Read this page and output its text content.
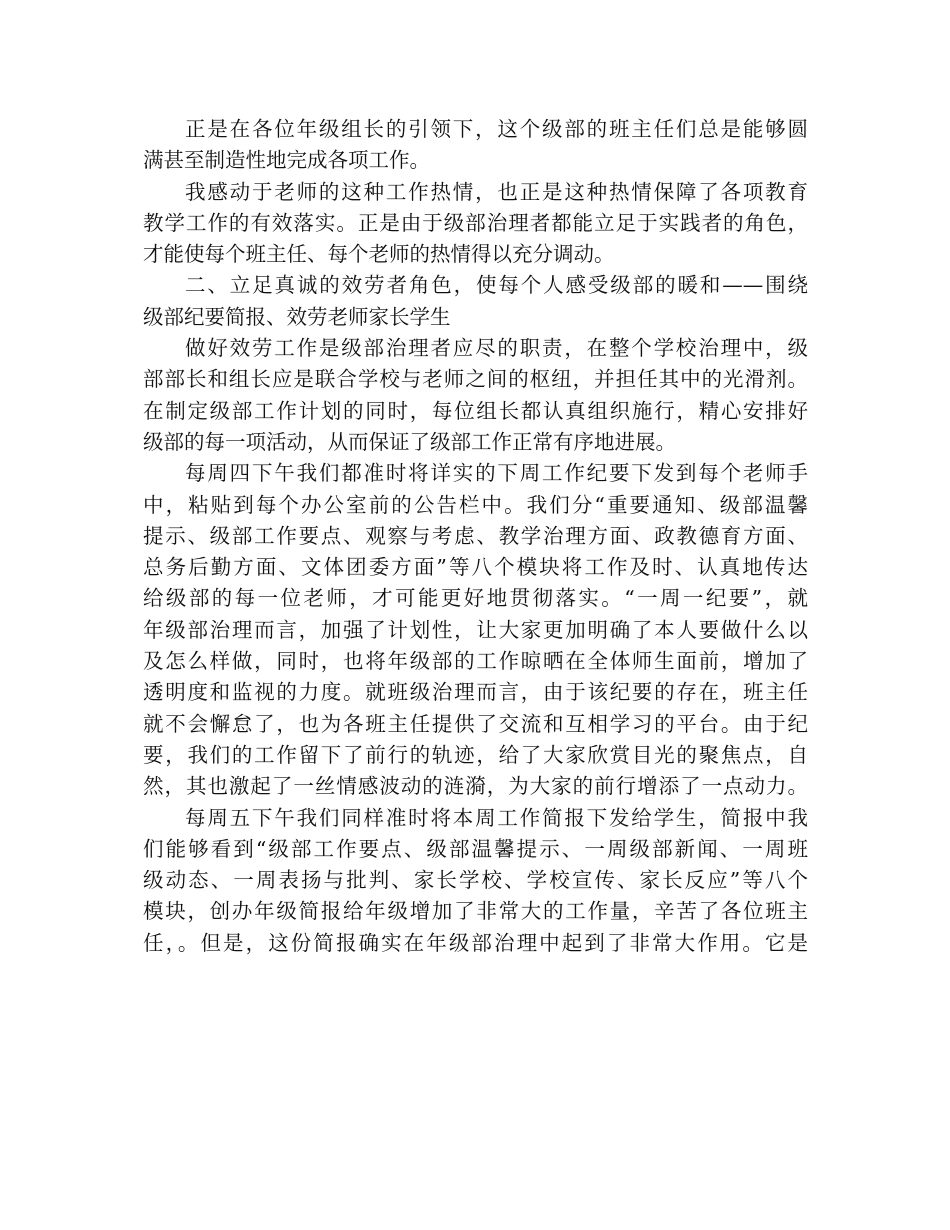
正是在各位年级组长的引领下，这个级部的班主任们总是能够圆
满甚至制造性地完成各项工作。
我感动于老师的这种工作热情，也正是这种热情保障了各项教育
教学工作的有效落实。正是由于级部治理者都能立足于实践者的角色，
才能使每个班主任、每个老师的热情得以充分调动。
二、立足真诚的效劳者角色，使每个人感受级部的暖和——围绕
级部纪要简报、效劳老师家长学生
做好效劳工作是级部治理者应尽的职责，在整个学校治理中，级
部部长和组长应是联合学校与老师之间的枢纽，并担任其中的光滑剂。
在制定级部工作计划的同时，每位组长都认真组织施行，精心安排好
级部的每一项活动，从而保证了级部工作正常有序地进展。
每周四下午我们都准时将详实的下周工作纪要下发到每个老师手
中，粘贴到每个办公室前的公告栏中。我们分“重要通知、级部温馨
提示、级部工作要点、观察与考虑、教学治理方面、政教德育方面、
总务后勤方面、文体团委方面”等八个模块将工作及时、认真地传达
给级部的每一位老师，才可能更好地贯彻落实。“一周一纪要”，就
年级部治理而言，加强了计划性，让大家更加明确了本人要做什么以
及怎么样做，同时，也将年级部的工作晾晒在全体师生面前，增加了
透明度和监视的力度。就班级治理而言，由于该纪要的存在，班主任
就不会懈怠了，也为各班主任提供了交流和互相学习的平台。由于纪
要，我们的工作留下了前行的轨迹，给了大家欣赏目光的聚焦点，自
然，其也激起了一丝情感波动的涟漪，为大家的前行增添了一点动力。
每周五下午我们同样准时将本周工作简报下发给学生，简报中我
们能够看到“级部工作要点、级部温馨提示、一周级部新闻、一周班
级动态、一周表扬与批判、家长学校、学校宣传、家长反应”等八个
模块，创办年级简报给年级增加了非常大的工作量，辛苦了各位班主
任，。但是，这份简报确实在年级部治理中起到了非常大作用。它是
